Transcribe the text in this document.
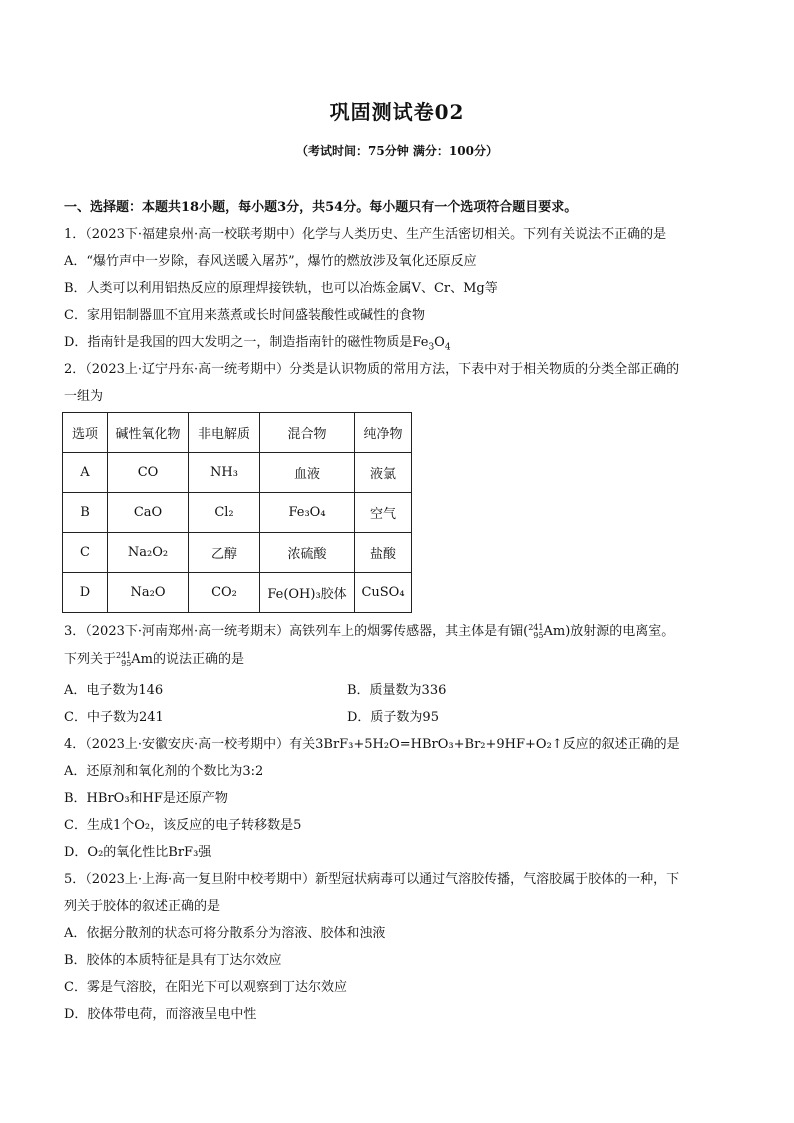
巩固测试卷02
（考试时间：75分钟 满分：100分）
一、选择题：本题共18小题，每小题3分，共54分。每小题只有一个选项符合题目要求。
1．（2023下·福建泉州·高一校联考期中）化学与人类历史、生产生活密切相关。下列有关说法不正确的是
A．“爆竹声中一岁除，春风送暖入屠苏”，爆竹的燃放涉及氧化还原反应
B．人类可以利用铝热反应的原理焊接铁轨，也可以冶炼金属V、Cr、Mg等
C．家用铝制器皿不宜用来蒸煮或长时间盛装酸性或碱性的食物
D．指南针是我国的四大发明之一，制造指南针的磁性物质是$Fe_3O_4$
2．（2023上·辽宁丹东·高一统考期中）分类是认识物质的常用方法，下表中对于相关物质的分类全部正确的
一组为
选项	碱性氧化物	非电解质	混合物	纯净物
A	CO	NH₃	血液	液氯
B	CaO	Cl₂	Fe₃O₄	空气
C	Na₂O₂	乙醇	浓硫酸	盐酸
D	Na₂O	CO₂	Fe(OH)₃胶体	CuSO₄
3．（2023下·河南郑州·高一统考期末）高铁列车上的烟雾传感器，其主体是有镅(241
95Am)放射源的电离室。
下列关于241
95Am的说法正确的是
A．电子数为146	B．质量数为336
C．中子数为241	D．质子数为95
4．（2023上·安徽安庆·高一校考期中）有关3BrF₃+5H₂O=HBrO₃+Br₂+9HF+O₂↑反应的叙述正确的是
A．还原剂和氧化剂的个数比为3:2
B．HBrO₃和HF是还原产物
C．生成1个O₂，该反应的电子转移数是5
D．O₂的氧化性比BrF₃强
5．（2023上·上海·高一复旦附中校考期中）新型冠状病毒可以通过气溶胶传播，气溶胶属于胶体的一种，下
列关于胶体的叙述正确的是
A．依据分散剂的状态可将分散系分为溶液、胶体和浊液
B．胶体的本质特征是具有丁达尔效应
C．雾是气溶胶，在阳光下可以观察到丁达尔效应
D．胶体带电荷，而溶液呈电中性
